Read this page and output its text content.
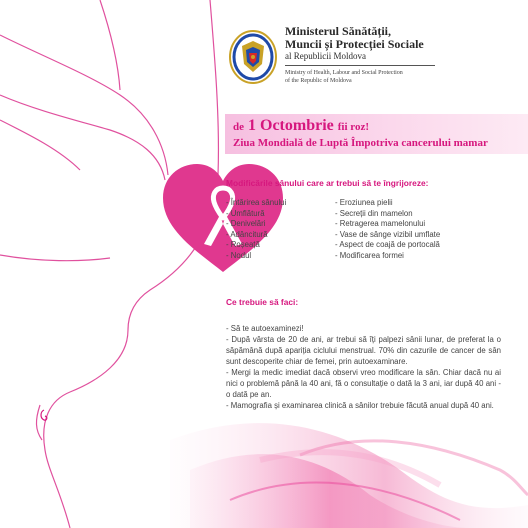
Ministerul Sănătății,
Muncii și Protecției Sociale
al Republicii Moldova
Ministry of Health, Labour and Social Protection
of the Republic of Moldova
de 1 Octombrie fii roz!
Ziua Mondială de Luptă Împotriva cancerului mamar
Modificările sânului care ar trebui să te îngrijoreze:
- Întărirea sânului
- Umflătură
- Denivelări
- Adâncitură
- Roșeață
- Nodul
- Eroziunea pielii
- Secreții din mamelon
- Retragerea mamelonului
- Vase de sânge vizibil umflate
- Aspect de coajă de portocală
- Modificarea formei
Ce trebuie să faci:
- Să te autoexaminezi!
- După vârsta de 20 de ani, ar trebui să îți palpezi sânii lunar, de preferat la o săpămână după apariția ciclului menstrual. 70% din cazurile de cancer de sân sunt descoperite chiar de femei, prin autoexaminare.
- Mergi la medic imediat dacă observi vreo modificare la sân. Chiar dacă nu ai nici o problemă până la 40 ani, fă o consultație o dată la 3 ani, iar după 40 ani - o dată pe an.
- Mamografia și examinarea clinică a sânilor trebuie făcută anual după 40 ani.
